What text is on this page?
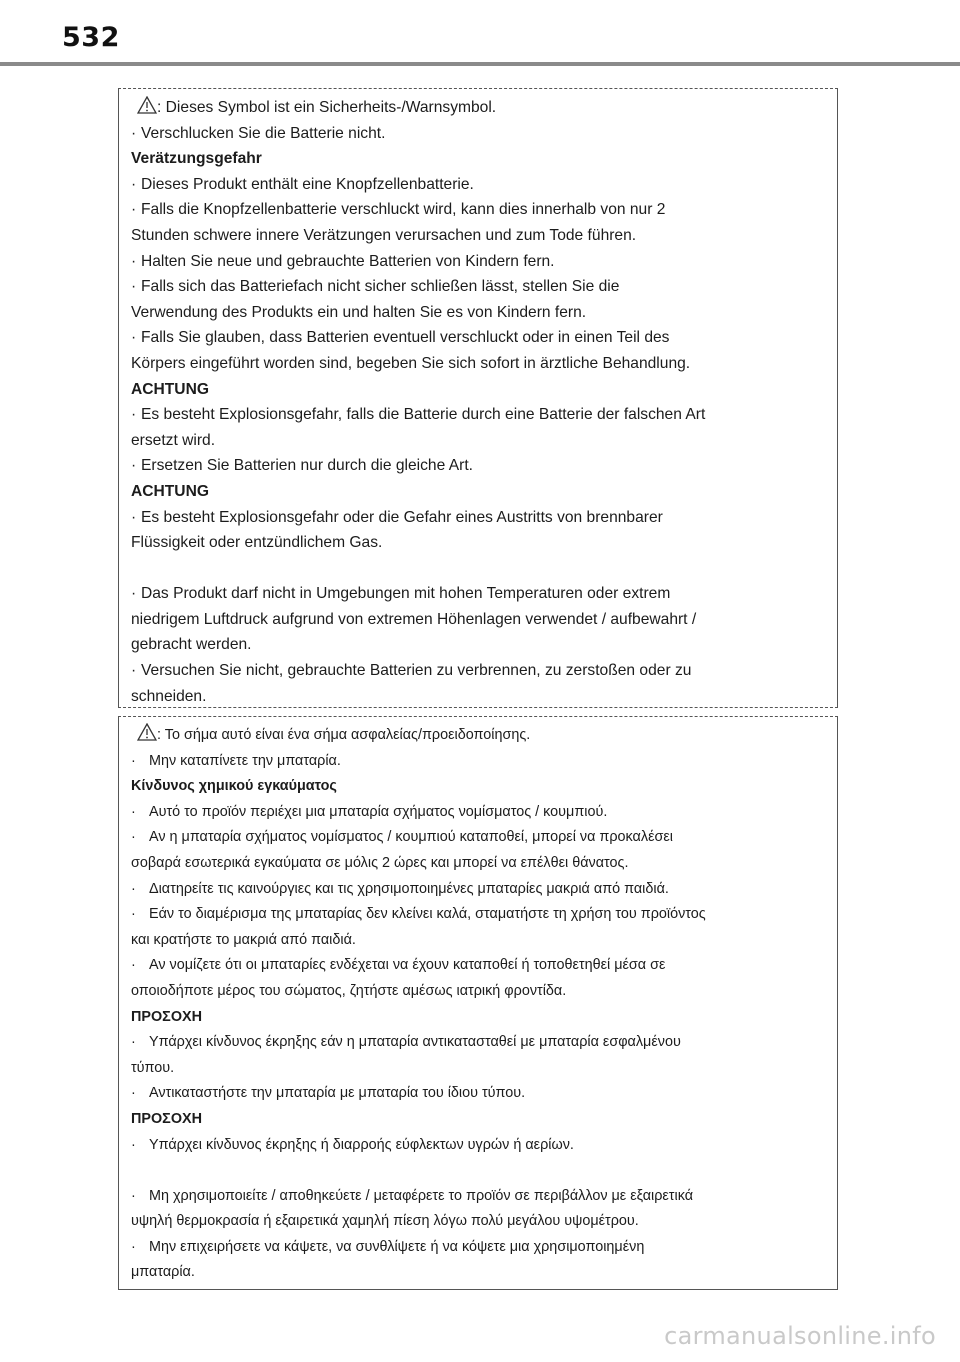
532
: Dieses Symbol ist ein Sicherheits-/Warnsymbol.
· Verschlucken Sie die Batterie nicht.
Verätzungsgefahr
· Dieses Produkt enthält eine Knopfzellenbatterie.
· Falls die Knopfzellenbatterie verschluckt wird, kann dies innerhalb von nur 2
Stunden schwere innere Verätzungen verursachen und zum Tode führen.
· Halten Sie neue und gebrauchte Batterien von Kindern fern.
· Falls sich das Batteriefach nicht sicher schließen lässt, stellen Sie die
Verwendung des Produkts ein und halten Sie es von Kindern fern.
· Falls Sie glauben, dass Batterien eventuell verschluckt oder in einen Teil des
Körpers eingeführt worden sind, begeben Sie sich sofort in ärztliche Behandlung.
ACHTUNG
· Es besteht Explosionsgefahr, falls die Batterie durch eine Batterie der falschen Art
ersetzt wird.
· Ersetzen Sie Batterien nur durch die gleiche Art.
ACHTUNG
· Es besteht Explosionsgefahr oder die Gefahr eines Austritts von brennbarer
Flüssigkeit oder entzündlichem Gas.
· Das Produkt darf nicht in Umgebungen mit hohen Temperaturen oder extrem
niedrigem Luftdruck aufgrund von extremen Höhenlagen verwendet / aufbewahrt /
gebracht werden.
· Versuchen Sie nicht, gebrauchte Batterien zu verbrennen, zu zerstoßen oder zu
schneiden.
: Το σήμα αυτό είναι ένα σήμα ασφαλείας/προειδοποίησης.
· Μην καταπίνετε την μπαταρία.
Κίνδυνος χημικού εγκαύματος
· Αυτό το προϊόν περιέχει μια μπαταρία σχήματος νομίσματος / κουμπιού.
· Αν η μπαταρία σχήματος νομίσματος / κουμπιού καταποθεί, μπορεί να προκαλέσει
σοβαρά εσωτερικά εγκαύματα σε μόλις 2 ώρες και μπορεί να επέλθει θάνατος.
· Διατηρείτε τις καινούργιες και τις χρησιμοποιημένες μπαταρίες μακριά από παιδιά.
· Εάν το διαμέρισμα της μπαταρίας δεν κλείνει καλά, σταματήστε τη χρήση του προϊόντος
και κρατήστε το μακριά από παιδιά.
· Αν νομίζετε ότι οι μπαταρίες ενδέχεται να έχουν καταποθεί ή τοποθετηθεί μέσα σε
οποιοδήποτε μέρος του σώματος, ζητήστε αμέσως ιατρική φροντίδα.
ΠΡΟΣΟΧΗ
· Υπάρχει κίνδυνος έκρηξης εάν η μπαταρία αντικατασταθεί με μπαταρία εσφαλμένου
τύπου.
· Αντικαταστήστε την μπαταρία με μπαταρία του ίδιου τύπου.
ΠΡΟΣΟΧΗ
· Υπάρχει κίνδυνος έκρηξης ή διαρροής εύφλεκτων υγρών ή αερίων.
· Μη χρησιμοποιείτε / αποθηκεύετε / μεταφέρετε το προϊόν σε περιβάλλον με εξαιρετικά
υψηλή θερμοκρασία ή εξαιρετικά χαμηλή πίεση λόγω πολύ μεγάλου υψομέτρου.
· Μην επιχειρήσετε να κάψετε, να συνθλίψετε ή να κόψετε μια χρησιμοποιημένη
μπαταρία.
carmanualsonline.info
